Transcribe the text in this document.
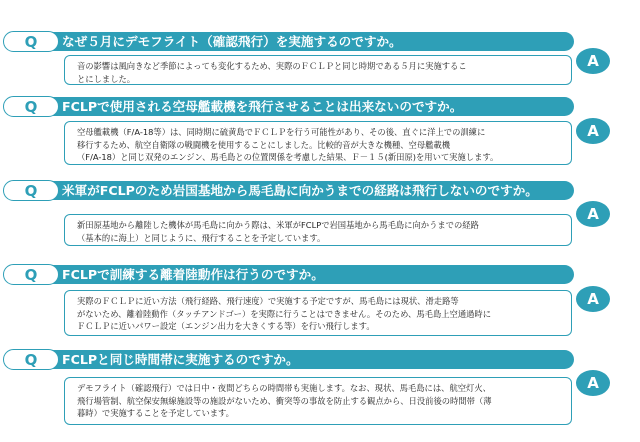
Q	なぜ５月にデモフライト（確認飛行）を実施するのですか。

音の影響は風向きなど季節によっても変化するため、実際のＦＣＬＰと同じ時期である５月に実施するこ

とにしました。

A
Q	FCLPで使用される空母艦載機を飛行させることは出来ないのですか。

空母艦載機（F/A-18等）は、同時期に硫黄島でＦＣＬＰを行う可能性があり、その後、直ぐに洋上での訓練に

移行するため、航空自衛隊の戦闘機を使用することにしました。比較的音が大きな機種、空母艦載機

（F/A-18）と同じ双発のエンジン、馬毛島との位置関係を考慮した結果、Ｆ－１５(新田原)を用いて実施します。

A
Q	米軍がFCLPのため岩国基地から馬毛島に向かうまでの経路は飛行しないのですか。

新田原基地から離陸した機体が馬毛島に向かう際は、米軍がFCLPで岩国基地から馬毛島に向かうまでの経路

（基本的に海上）と同じように、飛行することを予定しています。

A
Q	FCLPで訓練する離着陸動作は行うのですか。

実際のＦＣＬＰに近い方法（飛行経路、飛行速度）で実施する予定ですが、馬毛島には現状、滑走路等

がないため、離着陸動作（タッチアンドゴー）を実際に行うことはできません。そのため、馬毛島上空通過時に

ＦＣＬＰに近いパワー設定（エンジン出力を大きくする等）を行い飛行します。

A
Q	FCLPと同じ時間帯に実施するのですか。

デモフライト（確認飛行）では日中・夜間どちらの時間帯も実施します。なお、現状、馬毛島には、航空灯火、

飛行場管制、航空保安無線施設等の施設がないため、衝突等の事故を防止する観点から、日没前後の時間帯（薄

暮時）で実施することを予定しています。

A
